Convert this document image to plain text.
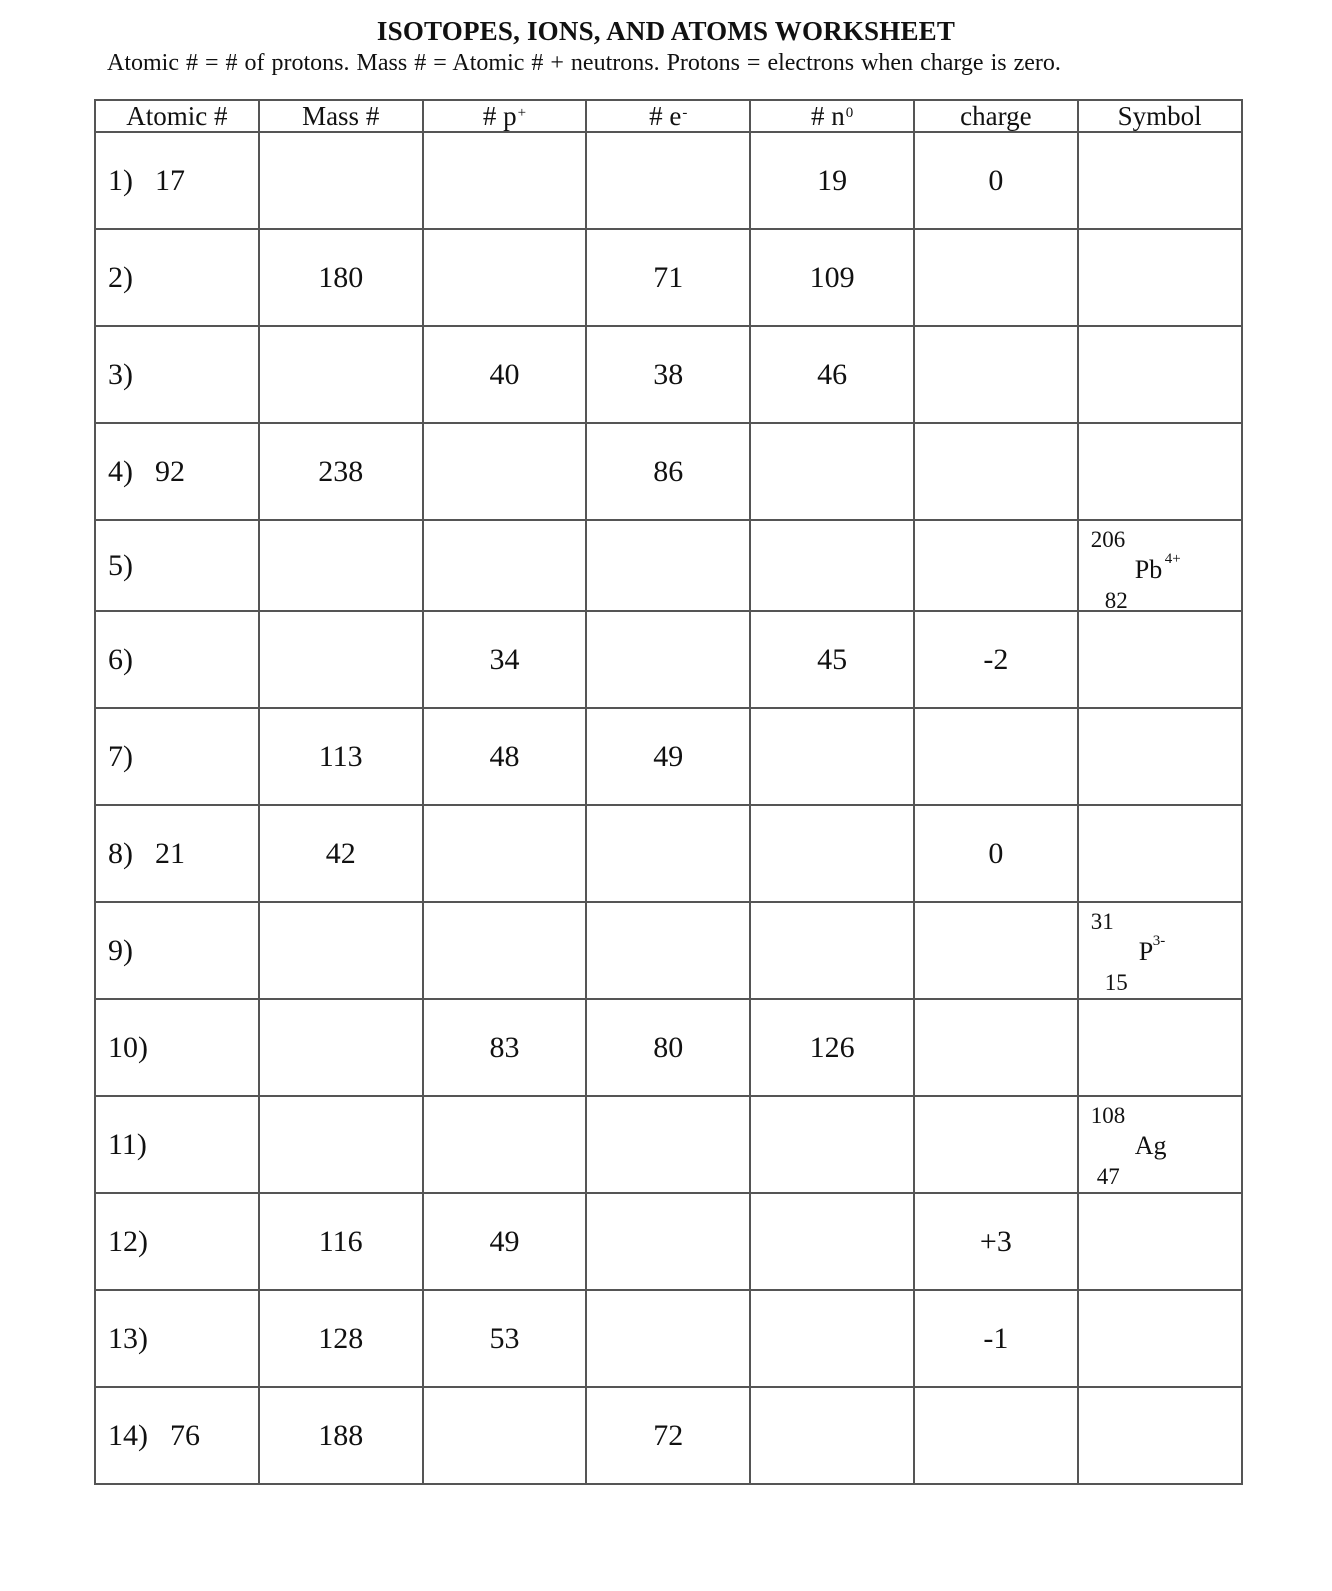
ISOTOPES, IONS, AND ATOMS WORKSHEET
Atomic # = # of protons. Mass # = Atomic # + neutrons. Protons = electrons when charge is zero.
Atomic #	Mass #	# p+	# e-	# $n^0$	charge	Symbol
1) 17				19	0	
2)	180		71	109		
3)		40	38	46		
4) 92	238		86			
5)						206
Pb 4+
82

6)		34		45	-2	
7)	113	48	49			
8) 21	42				0	
9)						31
P 3-
15

10)		83	80	126		
11)						108
Ag
47

12)	116	49			+3	
13)	128	53			-1	
14) 76	188		72			
